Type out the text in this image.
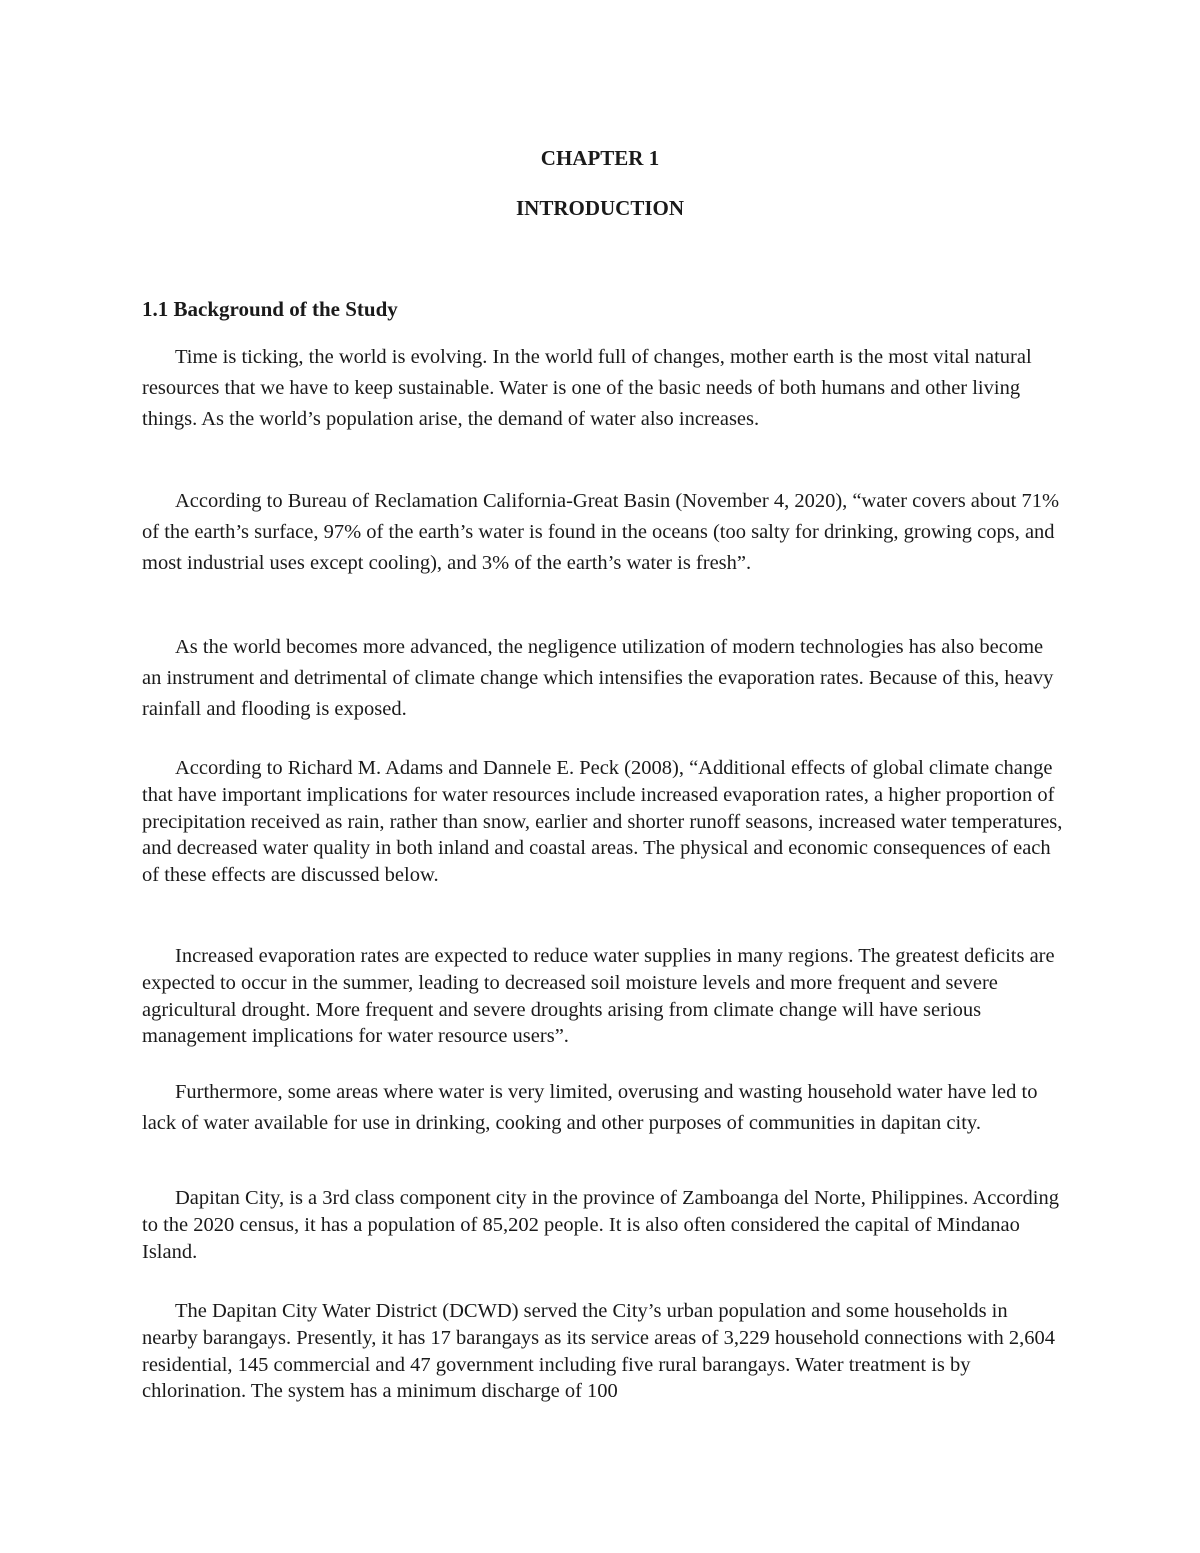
CHAPTER 1
INTRODUCTION
1.1 Background of the Study

Time is ticking, the world is evolving. In the world full of changes, mother earth is the most vital natural resources that we have to keep sustainable. Water is one of the basic needs of both humans and other living things. As the world’s population arise, the demand of water also increases.

According to Bureau of Reclamation California-Great Basin (November 4, 2020), “water covers about 71% of the earth’s surface, 97% of the earth’s water is found in the oceans (too salty for drinking, growing cops, and most industrial uses except cooling), and 3% of the earth’s water is fresh”.

As the world becomes more advanced, the negligence utilization of modern technologies has also become an instrument and detrimental of climate change which intensifies the evaporation rates. Because of this, heavy rainfall and flooding is exposed.

According to Richard M. Adams and Dannele E. Peck (2008), “Additional effects of global climate change that have important implications for water resources include increased evaporation rates, a higher proportion of precipitation received as rain, rather than snow, earlier and shorter runoff seasons, increased water temperatures, and decreased water quality in both inland and coastal areas. The physical and economic consequences of each of these effects are discussed below.

Increased evaporation rates are expected to reduce water supplies in many regions. The greatest deficits are expected to occur in the summer, leading to decreased soil moisture levels and more frequent and severe agricultural drought. More frequent and severe droughts arising from climate change will have serious management implications for water resource users”.

Furthermore, some areas where water is very limited, overusing and wasting household water have led to lack of water available for use in drinking, cooking and other purposes of communities in dapitan city.

Dapitan City, is a 3rd class component city in the province of Zamboanga del Norte, Philippines. According to the 2020 census, it has a population of 85,202 people. It is also often considered the capital of Mindanao Island.

The Dapitan City Water District (DCWD) served the City’s urban population and some households in nearby barangays. Presently, it has 17 barangays as its service areas of 3,229 household connections with 2,604 residential, 145 commercial and 47 government including five rural barangays. Water treatment is by chlorination. The system has a minimum discharge of 100
